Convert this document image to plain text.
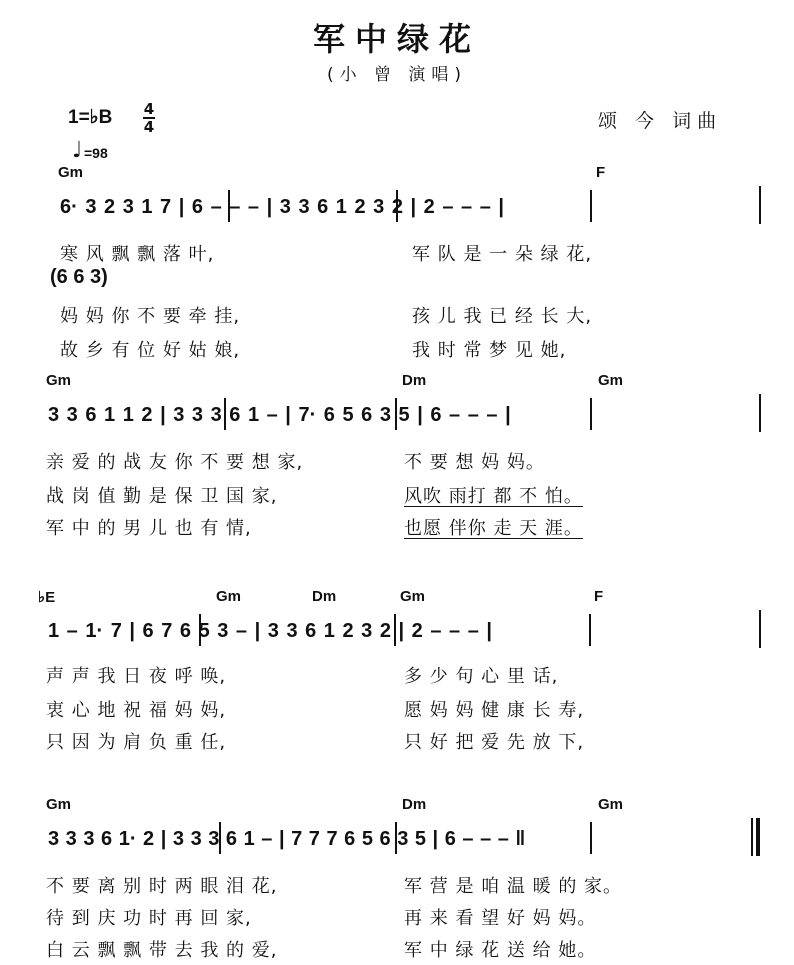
军中绿花
(小 曾 演唱)
1=♭B 4
4	颂 今 词曲
♩ =98
Gm	F
6· 3 2 3 1 7 | 6 – – – | 3 3 6 1 2 3 2 | 2 – – – |
寒 风 飘 飘 落 叶,	军 队 是 一 朵 绿 花,
(6 6 3)
妈 妈 你 不 要 牵 挂,	孩 儿 我 已 经 长 大,
故 乡 有 位 好 姑 娘,	我 时 常 梦 见 她,
Gm	Dm	Gm
3 3 6 1 1 2 | 3 3 3 6 1 – | 7· 6 5 6 3 5 | 6 – – – |
亲 爱 的 战 友 你 不 要 想 家,	不 要 想 妈 妈。
战 岗 值 勤 是 保 卫 国 家,	风吹 雨打 都 不 怕。
军 中 的 男 儿 也 有 情,	也愿 伴你 走 天 涯。
♭E	Gm	Dm	Gm	F
1 – 1· 7 | 6 7 6 5 3 – | 3 3 6 1 2 3 2 | 2 – – – |
声 声 我 日 夜 呼 唤,	多 少 句 心 里 话,
衷 心 地 祝 福 妈 妈,	愿 妈 妈 健 康 长 寿,
只 因 为 肩 负 重 任,	只 好 把 爱 先 放 下,
Gm	Dm	Gm
3 3 3 6 1· 2 | 3 3 3 6 1 – | 7 7 7 6 5 6 3 5 | 6 – – – ‖
不 要 离 别 时 两 眼 泪 花,	军 营 是 咱 温 暖 的 家。
待 到 庆 功 时 再 回 家,	再 来 看 望 好 妈 妈。
白 云 飘 飘 带 去 我 的 爱,	军 中 绿 花 送 给 她。
